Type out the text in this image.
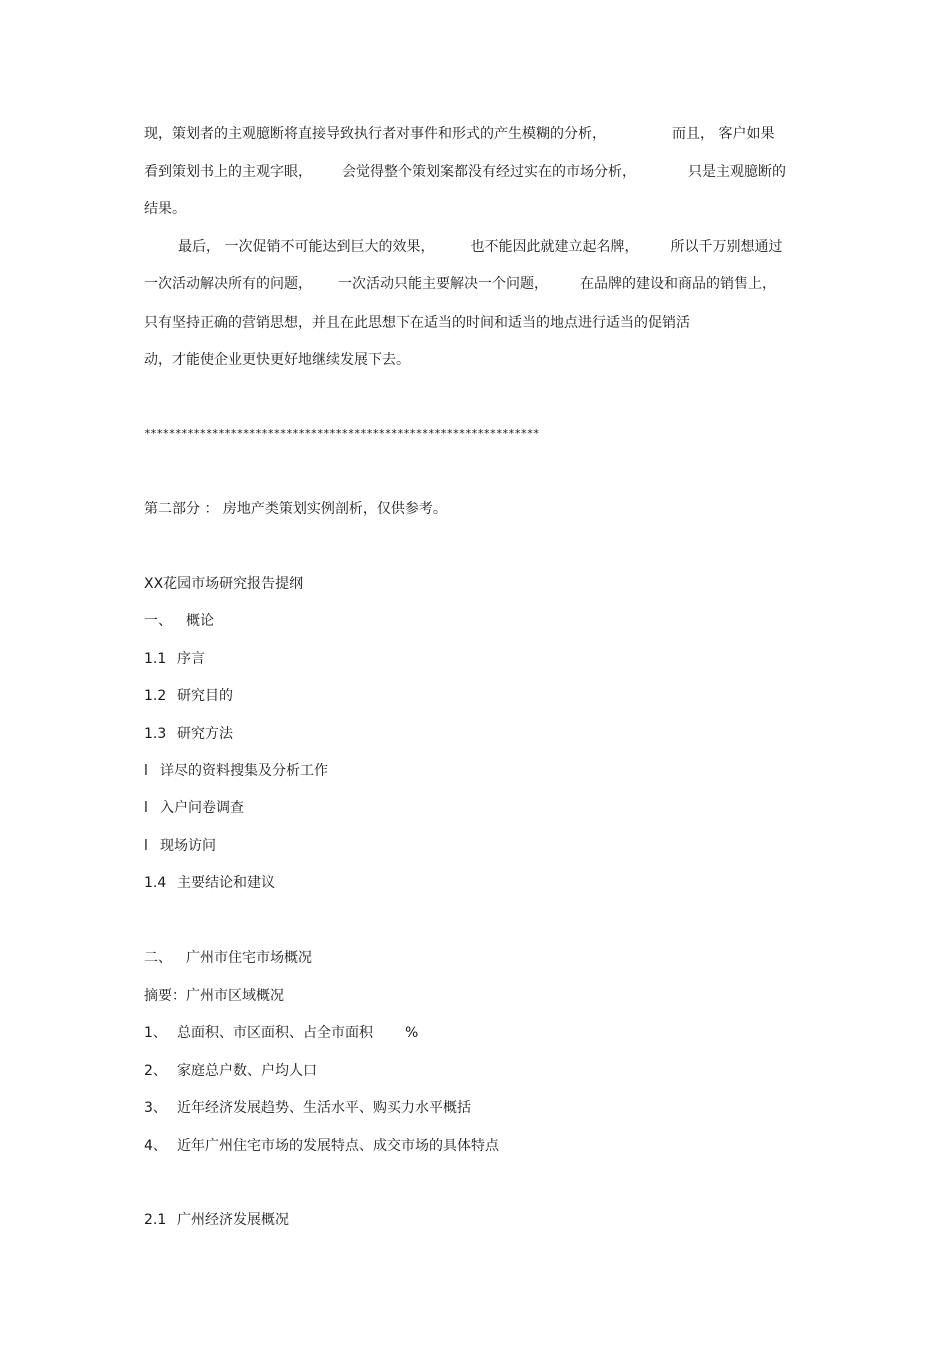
现，策划者的主观臆断将直接导致执行者对事件和形式的产生模糊的分析，	而且， 客户如果
看到策划书上的主观字眼， 会觉得整个策划案都没有经过实在的市场分析，	只是主观臆断的
结果。
最后， 一次促销不可能达到巨大的效果，	也不能因此就建立起名牌， 所以千万别想通过
一次活动解决所有的问题， 一次活动只能主要解决一个问题， 在品牌的建设和商品的销售上，
只有坚持正确的营销思想，并且在此思想下在适当的时间和适当的地点进行适当的促销活
动，才能使企业更快更好地继续发展下去。
****************************************************************
第二部分 ： 房地产类策划实例剖析，仅供参考。
XX花园市场研究报告提纲
一、 概论
1.1 序言
1.2 研究目的
1.3 研究方法
l 详尽的资料搜集及分析工作
l 入户问卷调查
l 现场访问
1.4 主要结论和建议
二、 广州市住宅市场概况
摘要：广州市区域概况
1、 总面积、市区面积、占全市面积 %
2、 家庭总户数、户均人口
3、 近年经济发展趋势、生活水平、购买力水平概括
4、 近年广州住宅市场的发展特点、成交市场的具体特点
2.1 广州经济发展概况
